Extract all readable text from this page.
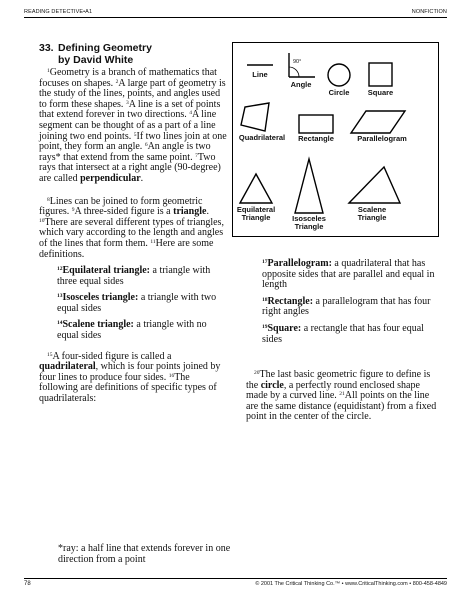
READING DETECTIVE•A1	NONFICTION
33. Defining Geometry
by David White

$^1$Geometry is a branch of mathematics that focuses on shapes. $^2$A large part of geometry is the study of the lines, points, and angles used to form these shapes. $^3$A line is a set of points that extend forever in two directions. $^4$A line segment can be thought of as a part of a line joining two end points. $^5$If two lines join at one point, they form an angle. $^6$An angle is two rays* that extend from the same point. $^7$Two rays that intersect at a right angle (90-degree) are called perpendicular.

$^8$Lines can be joined to form geometric figures. $^9$A three-sided figure is a triangle. $^{10}$There are several different types of triangles, which vary according to the length and angles of the lines that form them. $^{11}$Here are some definitions.

$^{12}$Equilateral triangle: a triangle with three equal sides
$^{13}$Isosceles triangle: a triangle with two equal sides
$^{14}$Scalene triangle: a triangle with no equal sides

$^{15}$A four-sided figure is called a quadrilateral, which is four points joined by four lines to produce four sides. $^{16}$The following are definitions of specific types of quadrilaterals:

Line
90°
Angle
Circle	Square
Quadrilateral	Rectangle	Parallelogram
Equilateral
Triangle	Isosceles
Triangle
Scalene
Triangle
$^{17}$Parallelogram: a quadrilateral that has opposite sides that are parallel and equal in length
$^{18}$Rectangle: a parallelogram that has four right angles
$^{19}$Square: a rectangle that has four equal sides

$^{20}$The last basic geometric figure to define is the circle, a perfectly round enclosed shape made by a curved line. $^{21}$All points on the line are the same distance (equidistant) from a fixed point in the center of the circle.

*ray: a half line that extends forever in one direction from a point
78	© 2001 The Critical Thinking Co.™ • www.CriticalThinking.com • 800-458-4849
